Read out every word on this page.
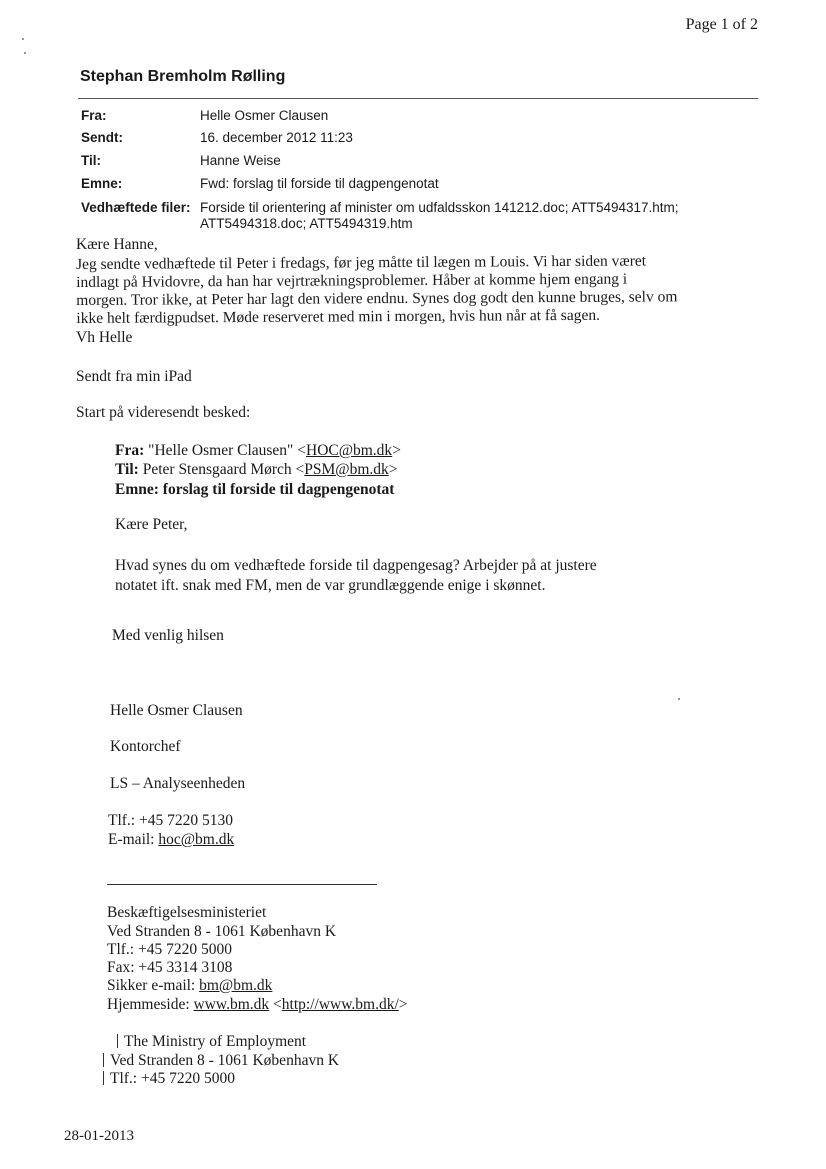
Page 1 of 2
Stephan Bremholm Rølling
Fra:	Helle Osmer Clausen
Sendt:	16. december 2012 11:23
Til:	Hanne Weise
Emne:	Fwd: forslag til forside til dagpengenotat
Vedhæftede filer: Forside til orientering af minister om udfaldsskon 141212.doc; ATT5494317.htm;
ATT5494318.doc; ATT5494319.htm
Kære Hanne,
Jeg sendte vedhæftede til Peter i fredags, før jeg måtte til lægen m Louis. Vi har siden været
indlagt på Hvidovre, da han har vejrtrækningsproblemer. Håber at komme hjem engang i
morgen. Tror ikke, at Peter har lagt den videre endnu. Synes dog godt den kunne bruges, selv om
ikke helt færdigpudset. Møde reserveret med min i morgen, hvis hun når at få sagen.
Vh Helle
Sendt fra min iPad
Start på videresendt besked:
Fra: "Helle Osmer Clausen" <HOC@bm.dk>
Til: Peter Stensgaard Mørch <PSM@bm.dk>
Emne: forslag til forside til dagpengenotat
Kære Peter,
Hvad synes du om vedhæftede forside til dagpengesag? Arbejder på at justere
notatet ift. snak med FM, men de var grundlæggende enige i skønnet.
Med venlig hilsen
Helle Osmer Clausen
Kontorchef
LS – Analyseenheden
Tlf.: +45 7220 5130
E-mail: hoc@bm.dk
Beskæftigelsesministeriet
Ved Stranden 8 - 1061 København K
Tlf.: +45 7220 5000
Fax: +45 3314 3108
Sikker e-mail: bm@bm.dk
Hjemmeside: www.bm.dk <http://www.bm.dk/>
The Ministry of Employment
Ved Stranden 8 - 1061 København K
Tlf.: +45 7220 5000
28-01-2013
